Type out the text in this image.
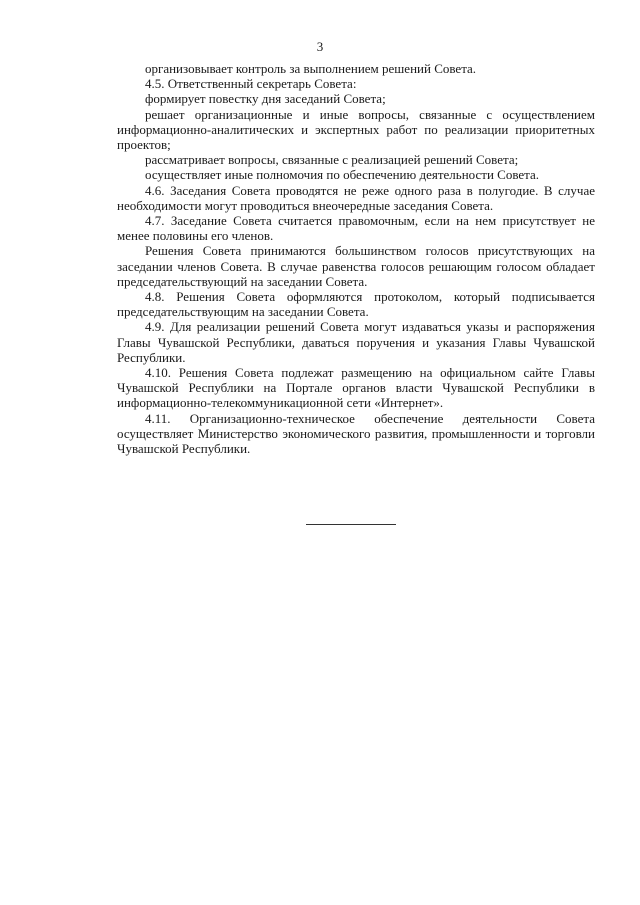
3

организовывает контроль за выполнением решений Совета.

4.5. Ответственный секретарь Совета:

формирует повестку дня заседаний Совета;

решает организационные и иные вопросы, связанные с осуществлением информационно-аналитических и экспертных работ по реализации приоритетных проектов;

рассматривает вопросы, связанные с реализацией решений Совета;

осуществляет иные полномочия по обеспечению деятельности Совета.

4.6. Заседания Совета проводятся не реже одного раза в полугодие. В случае необходимости могут проводиться внеочередные заседания Совета.

4.7. Заседание Совета считается правомочным, если на нем присутствует не менее половины его членов.

Решения Совета принимаются большинством голосов присутствующих на заседании членов Совета. В случае равенства голосов решающим голосом обладает председательствующий на заседании Совета.

4.8. Решения Совета оформляются протоколом, который подписывается председательствующим на заседании Совета.

4.9. Для реализации решений Совета могут издаваться указы и распоряжения Главы Чувашской Республики, даваться поручения и указания Главы Чувашской Республики.

4.10. Решения Совета подлежат размещению на официальном сайте Главы Чувашской Республики на Портале органов власти Чувашской Республики в информационно-телекоммуникационной сети «Интернет».

4.11. Организационно-техническое обеспечение деятельности Совета осуществляет Министерство экономического развития, промышленности и торговли Чувашской Республики.
